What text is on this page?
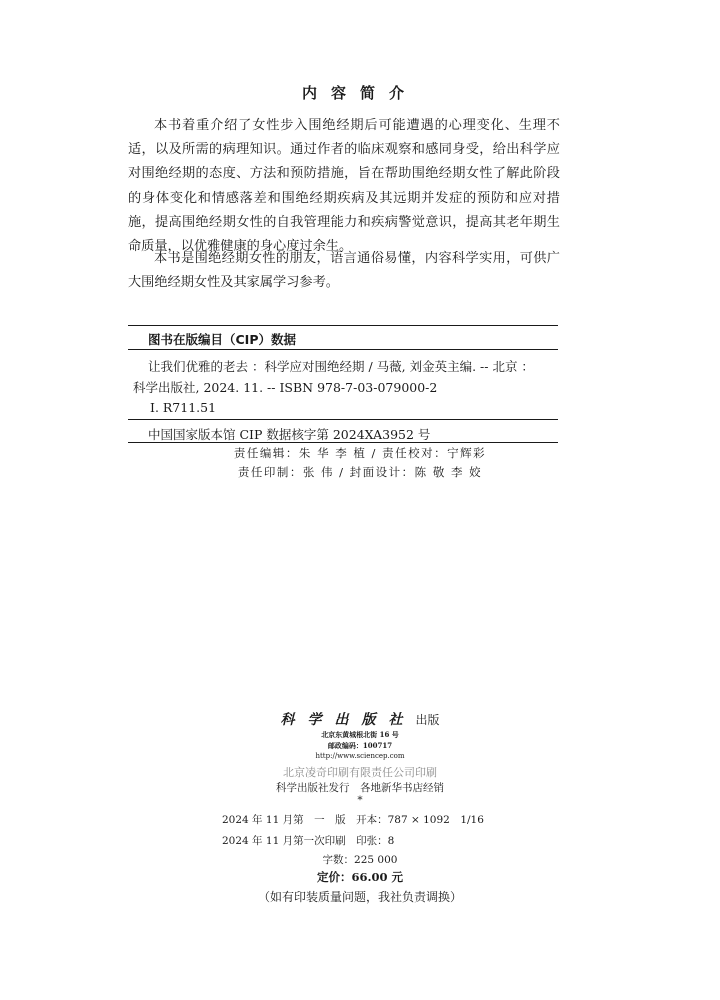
内容简介

本书着重介绍了女性步入围绝经期后可能遭遇的心理变化、生理不适，以及所需的病理知识。通过作者的临床观察和感同身受，给出科学应对围绝经期的态度、方法和预防措施，旨在帮助围绝经期女性了解此阶段的身体变化和情感落差和围绝经期疾病及其远期并发症的预防和应对措施，提高围绝经期女性的自我管理能力和疾病警觉意识，提高其老年期生命质量，以优雅健康的身心度过余生。

本书是围绝经期女性的朋友，语言通俗易懂，内容科学实用，可供广大围绝经期女性及其家属学习参考。

图书在版编目（CIP）数据
让我们优雅的老去 ：科学应对围绝经期 / 马薇, 刘金英主编. -- 北京 ：
科学出版社, 2024. 11. -- ISBN 978-7-03-079000-2
Ⅰ. R711.51
中国国家版本馆 CIP 数据核字第 2024XA3952 号
责任编辑：朱 华 李 植 / 责任校对：宁辉彩
责任印制：张 伟 / 封面设计：陈 敬 李 姣
科学出版社出版
北京东黄城根北街 16 号
邮政编码：100717
http://www.sciencep.com
北京凌奇印刷有限责任公司印刷
科学出版社发行　各地新华书店经销
*
2024 年 11 月第　一　版　开本：787 × 1092　1/16
2024 年 11 月第一次印刷　印张：8
字数：225 000
定价：66.00 元
（如有印装质量问题，我社负责调换）
